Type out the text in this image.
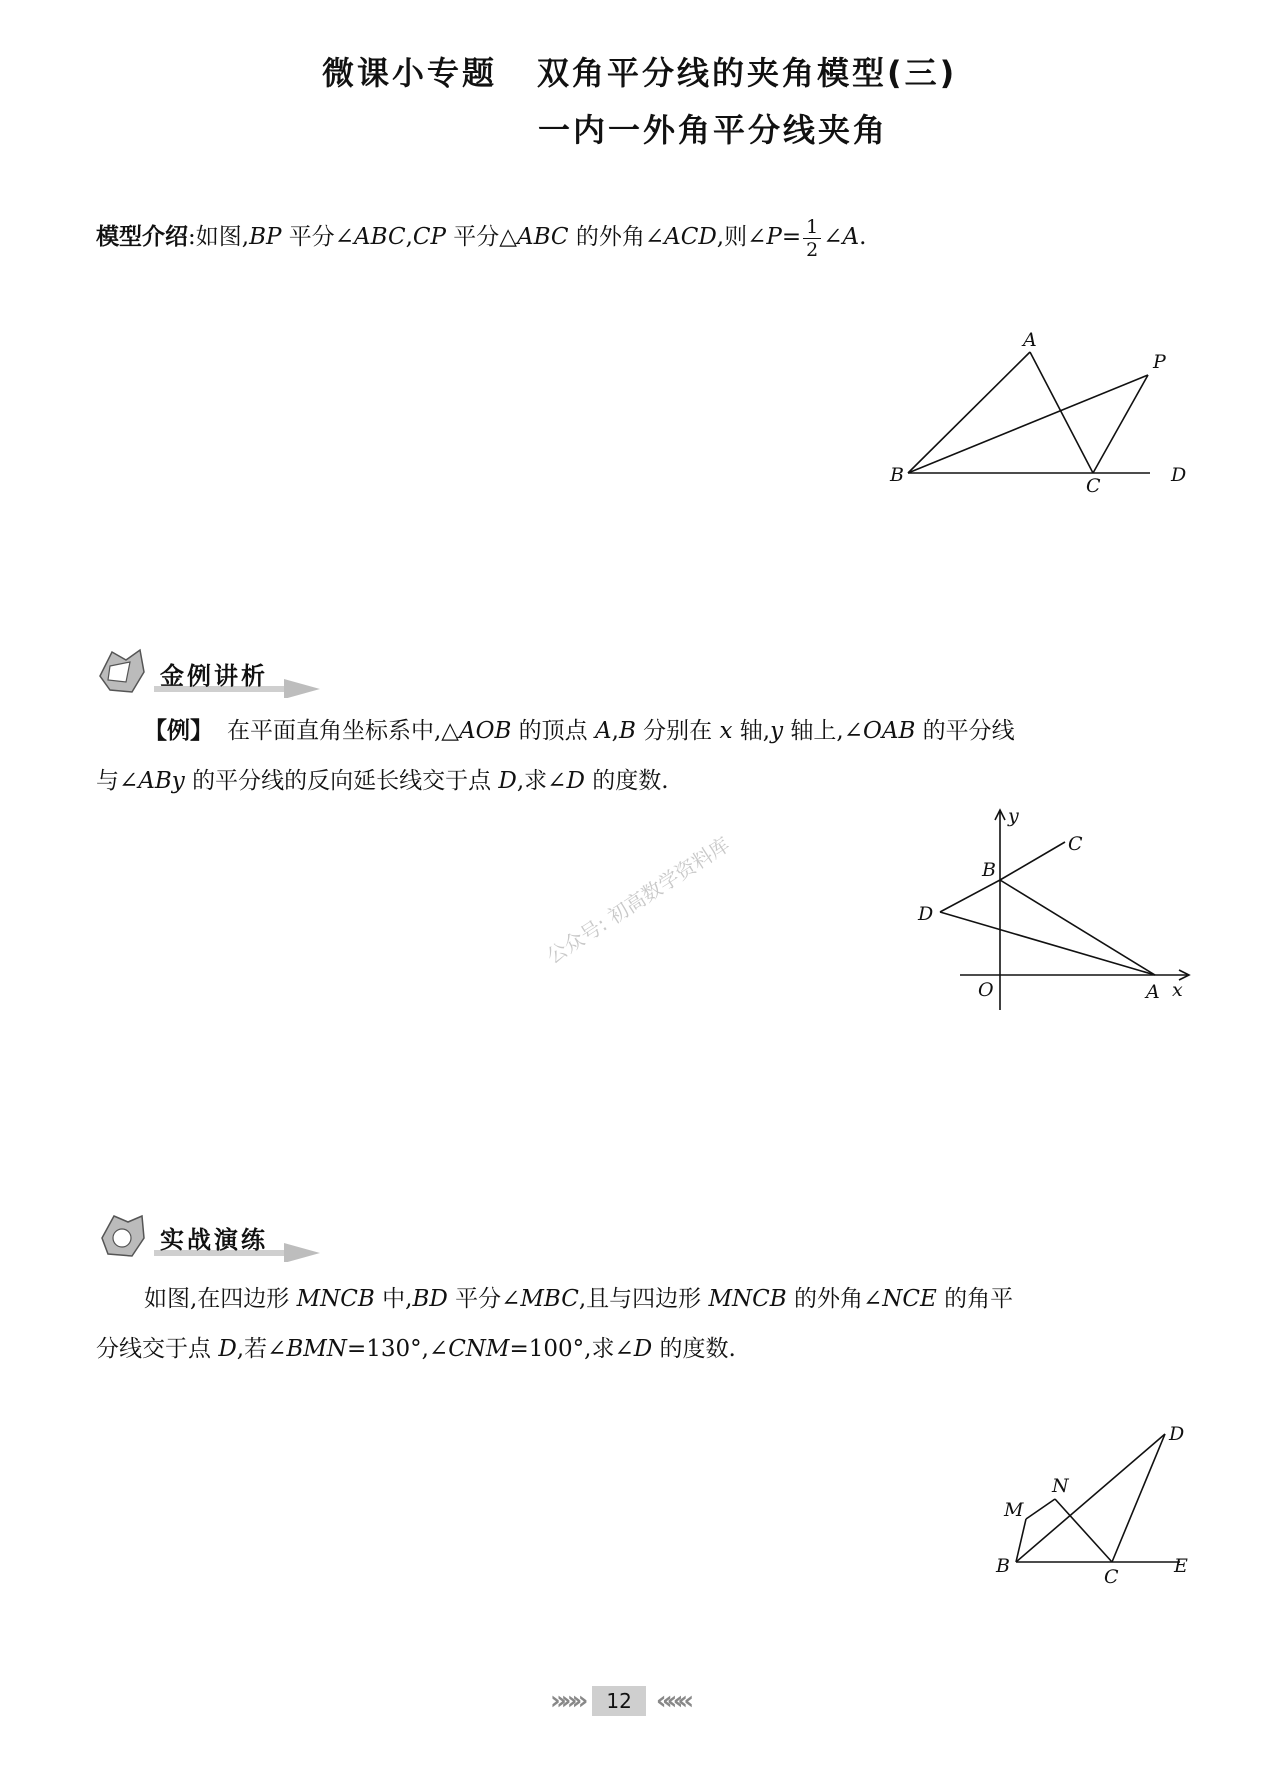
微课小专题 双角平分线的夹角模型(三)
一内一外角平分线夹角
模型介绍:如图,BP 平分∠ABC,CP 平分△ABC 的外角∠ACD,则∠P= $\frac{1}{2}$ ∠A.
A
P
B	C	D
金例讲析
【例】 在平面直角坐标系中,△AOB 的顶点 A,B 分别在 x 轴,y 轴上,∠OAB 的平分线
与∠ABy 的平分线的反向延长线交于点 D,求∠D 的度数.
y
C
B
D
O	A x
公众号: 初高数学资料库
实战演练
如图,在四边形 MNCB 中,BD 平分∠MBC,且与四边形 MNCB 的外角∠NCE 的角平
分线交于点 D,若∠BMN=130°,∠CNM=100°,求∠D 的度数.
D
N
M
B	C	E
»»»	12 «««
